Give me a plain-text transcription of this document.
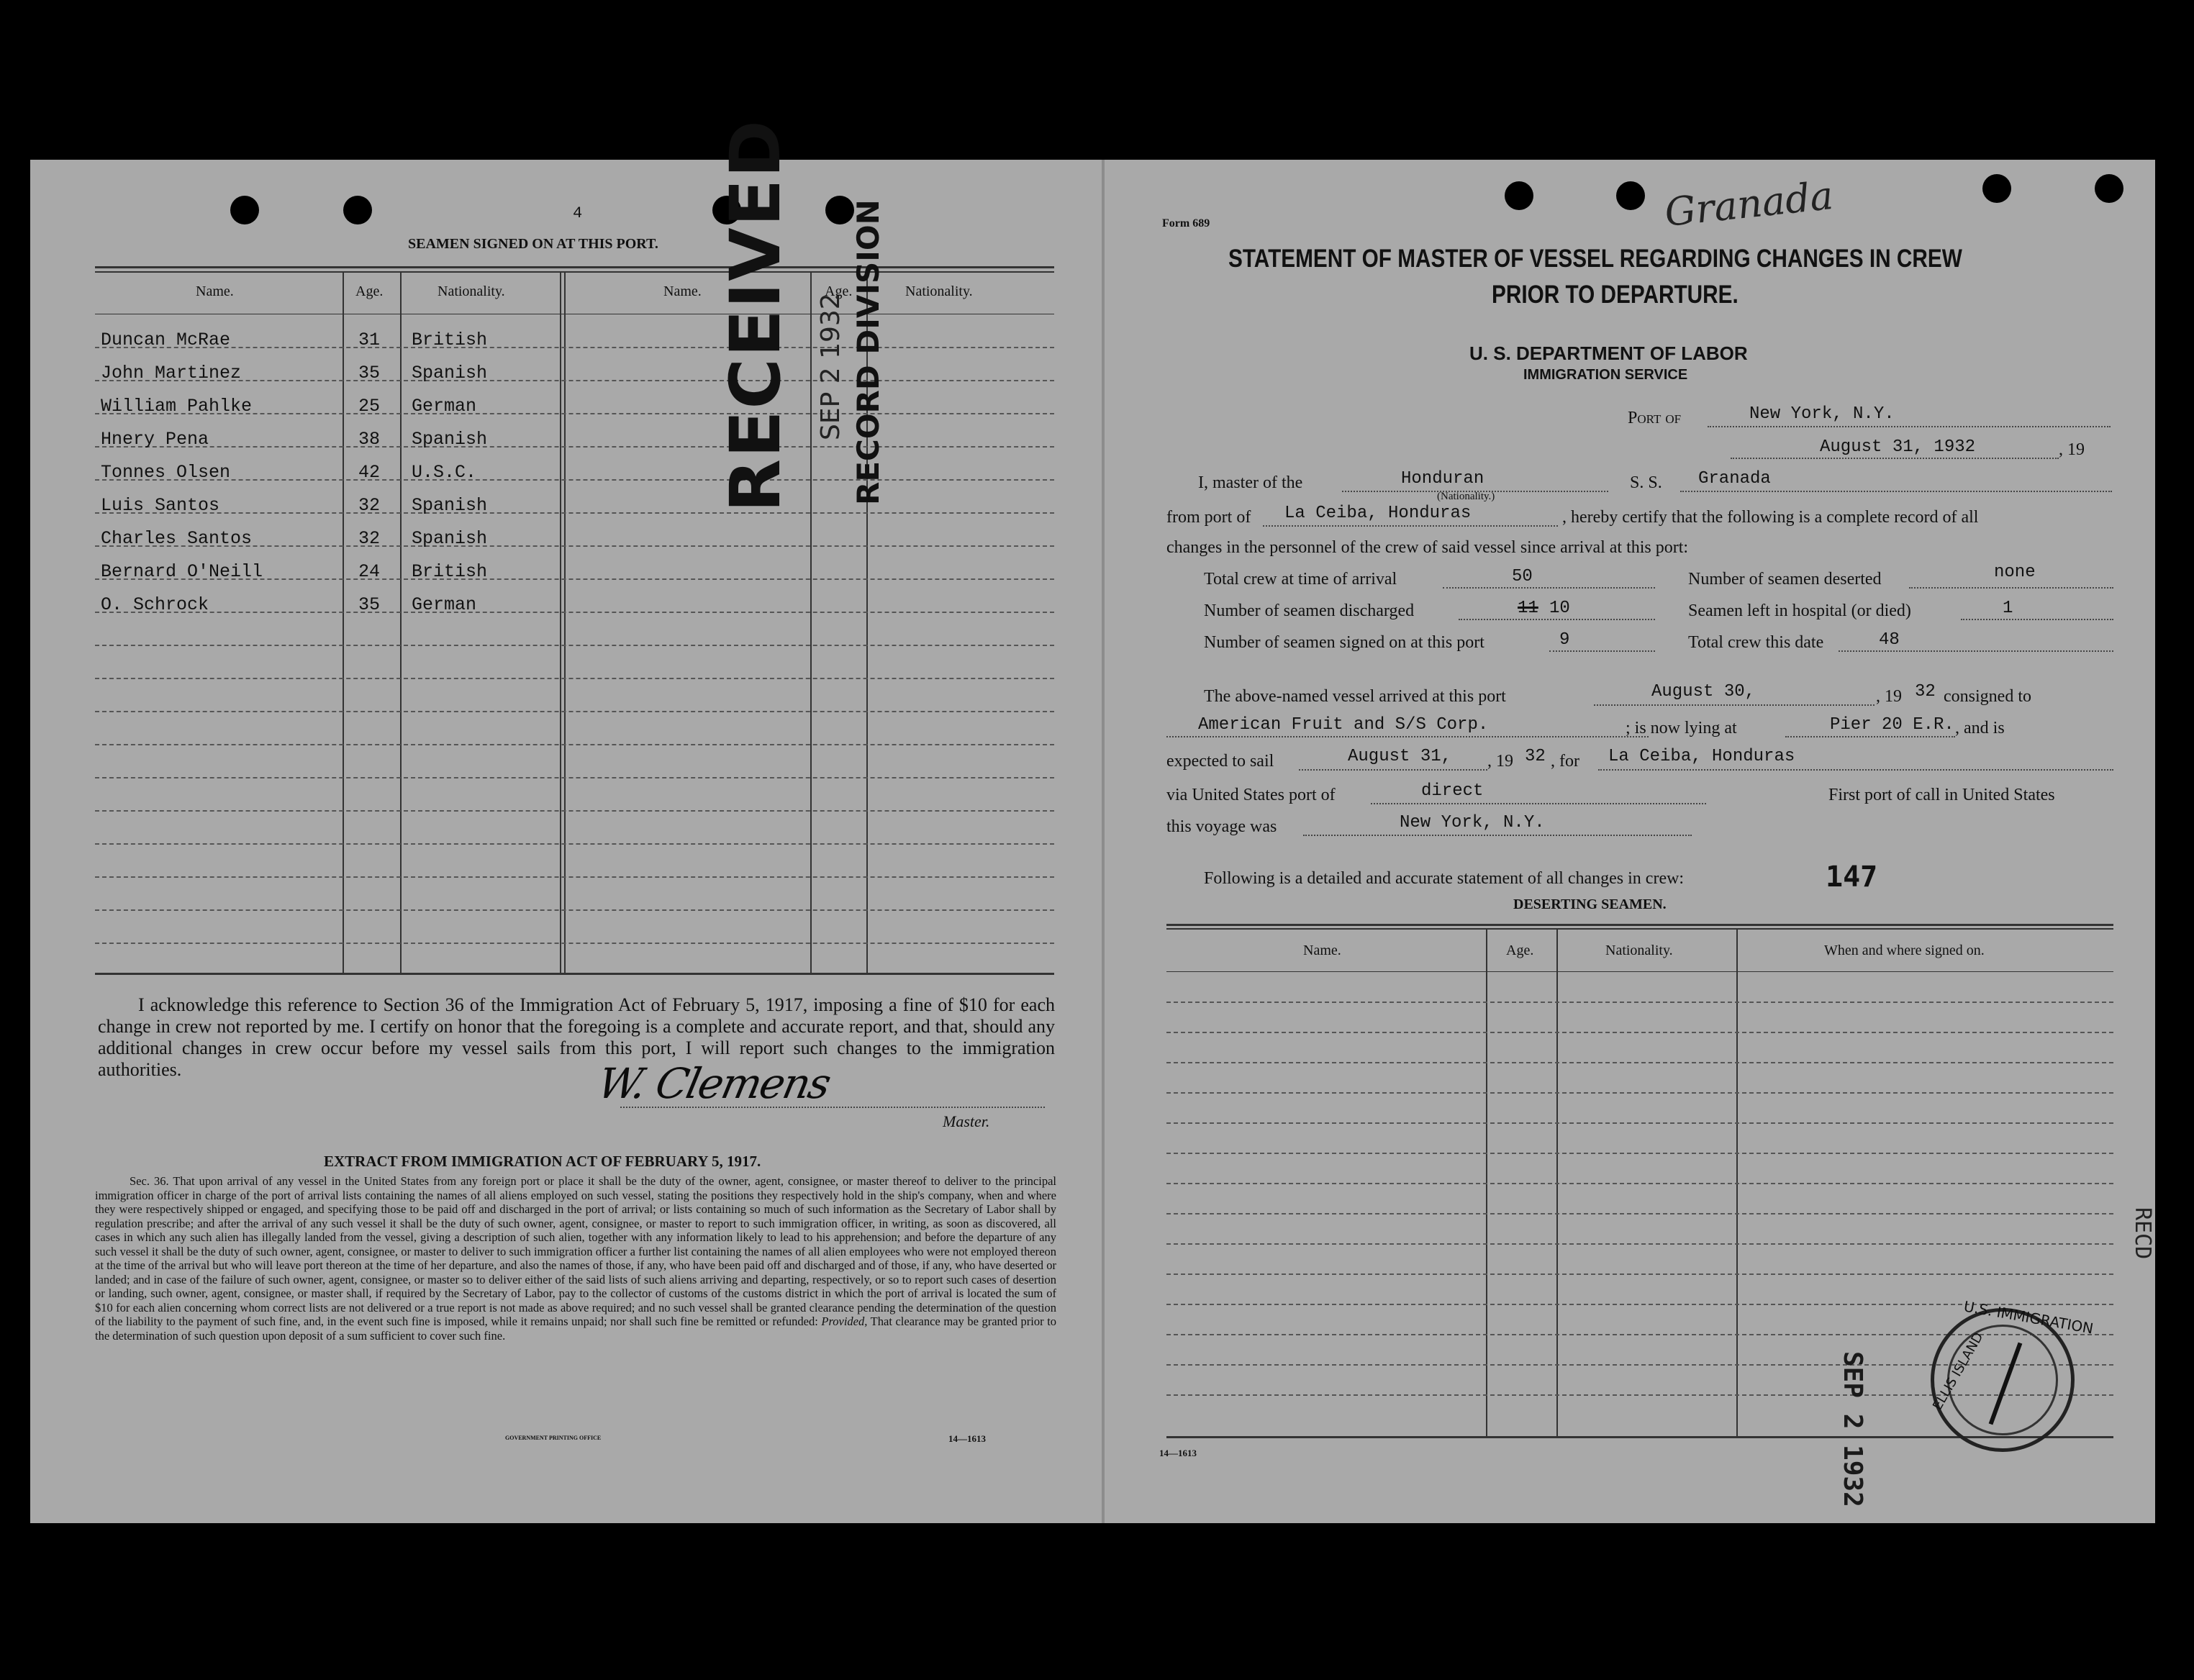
4
SEAMEN SIGNED ON AT THIS PORT.
Name.	Age.	Nationality.	Name.	Age.	Nationality.
Duncan McRae	31 British
John Martinez	35 Spanish
William Pahlke	25 German
Hnery Pena	38 Spanish
Tonnes Olsen	42 U.S.C.
Luis Santos	32 Spanish
Charles Santos	32 Spanish
Bernard O'Neill	24 British
O. Schrock	35 German
RECEIVED SEP 2 1932 RECORD DIVISION
I acknowledge this reference to Section 36 of the Immigration Act of February 5, 1917, imposing a fine of $10 for each change in crew not reported by me. I certify on honor that the foregoing is a complete and accurate report, and that, should any additional changes in crew occur before my vessel sails from this port, I will report such changes to the immigration authorities.	W. Clemens
Master.
EXTRACT FROM IMMIGRATION ACT OF FEBRUARY 5, 1917.
Sec. 36. That upon arrival of any vessel in the United States from any foreign port or place it shall be the duty of the owner, agent, consignee, or master thereof to deliver to the principal immigration officer in charge of the port of arrival lists containing the names of all aliens employed on such vessel, stating the positions they respectively hold in the ship's company, when and where they were respectively shipped or engaged, and specifying those to be paid off and discharged in the port of arrival; or lists containing so much of such information as the Secretary of Labor shall by regulation prescribe; and after the arrival of any such vessel it shall be the duty of such owner, agent, consignee, or master to report to such immigration officer, in writing, as soon as discovered, all cases in which any such alien has illegally landed from the vessel, giving a description of such alien, together with any information likely to lead to his apprehension; and before the departure of any such vessel it shall be the duty of such owner, agent, consignee, or master to deliver to such immigration officer a further list containing the names of all alien employees who were not employed thereon at the time of the arrival but who will leave port thereon at the time of her departure, and also the names of those, if any, who have been paid off and discharged and of those, if any, who have deserted or landed; and in case of the failure of such owner, agent, consignee, or master so to deliver either of the said lists of such aliens arriving and departing, respectively, or so to report such cases of desertion or landing, such owner, agent, consignee, or master shall, if required by the Secretary of Labor, pay to the collector of customs of the customs district in which the port of arrival is located the sum of $10 for each alien concerning whom correct lists are not delivered or a true report is not made as above required; and no such vessel shall be granted clearance pending the determination of the question of the liability to the payment of such fine, and, in the event such fine is imposed, while it remains unpaid; nor shall such fine be remitted or refunded: Provided, That clearance may be granted prior to the determination of such question upon deposit of a sum sufficient to cover such fine.
GOVERNMENT PRINTING OFFICE	14—1613
Form 689	Granada
STATEMENT OF MASTER OF VESSEL REGARDING CHANGES IN CREW
PRIOR TO DEPARTURE.
U. S. DEPARTMENT OF LABOR
IMMIGRATION SERVICE
Port of	New York, N.Y.
August 31, 1932	, 19
I, master of the	Honduran
(Nationality.)
S. S. Granada
from port of La Ceiba, Honduras	, hereby certify that the following is a complete record of all
changes in the personnel of the crew of said vessel since arrival at this port:
Total crew at time of arrival	50	Number of seamen deserted	none
Number of seamen discharged	11 10	Seamen left in hospital (or died)	1
Number of seamen signed on at this port	9	Total crew this date	48
The above-named vessel arrived at this port	August 30,	, 19 32 consigned to
American Fruit and S/S Corp.	; is now lying at	Pier 20 E.R. , and is
expected to sail	August 31, , 19 32 , for La Ceiba, Honduras
via United States port of	direct	First port of call in United States
this voyage was	New York, N.Y.
Following is a detailed and accurate statement of all changes in crew:	147
DESERTING SEAMEN.
Name.	Age.	Nationality.	When and where signed on.
SEP 2 1932
U.S. IMMIGRATION
ELLIS ISLAND
RECD
14—1613
